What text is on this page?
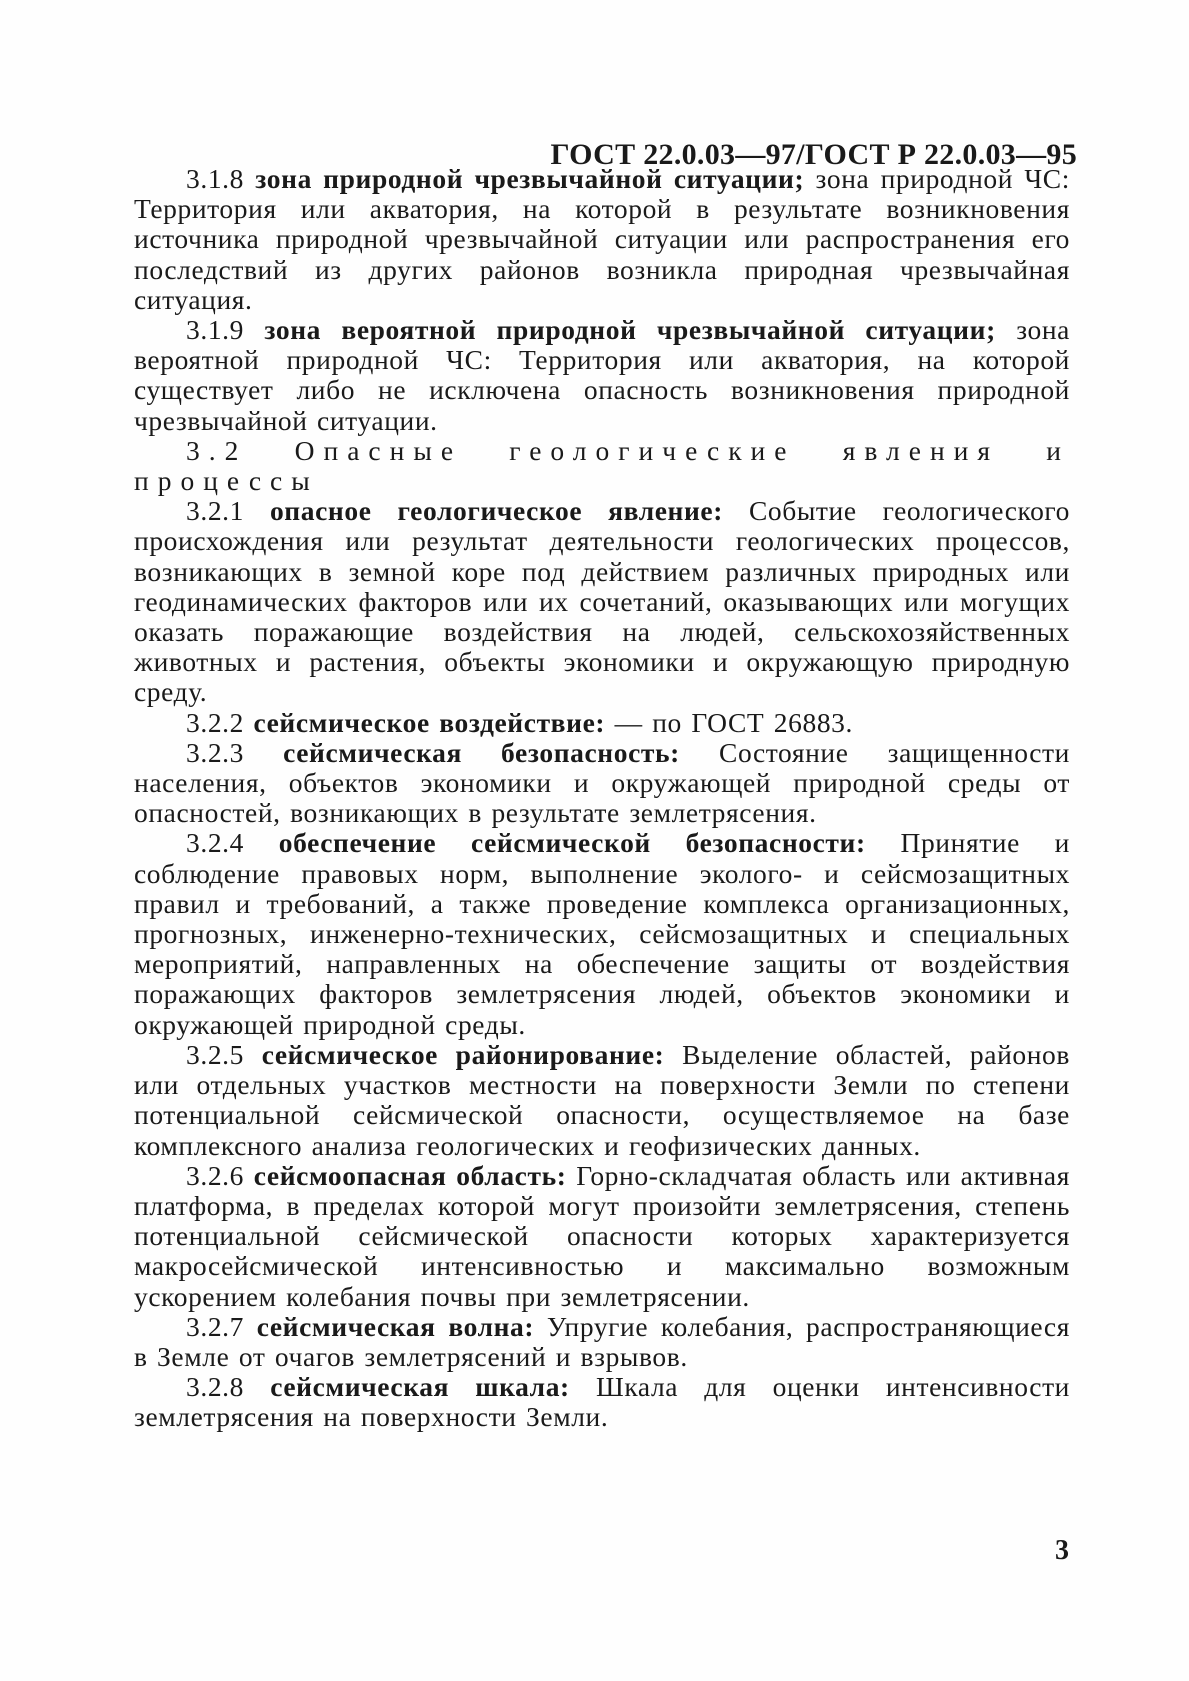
ГОСТ 22.0.03—97/ГОСТ Р 22.0.03—95

3.1.8 зона природной чрезвычайной ситуации; зона природной ЧС: Территория или акватория, на которой в результате возникновения источника природной чрезвычайной ситуации или распространения его последствий из других районов возникла природная чрезвычайная ситуация.

3.1.9 зона вероятной природной чрезвычайной ситуации; зона вероятной природной ЧС: Территория или акватория, на которой существует либо не исключена опасность возникновения природной чрезвычайной ситуации.

3.2 Опасные геологические явления и процессы

3.2.1 опасное геологическое явление: Событие геологического происхождения или результат деятельности геологических процессов, возникающих в земной коре под действием различных природных или геодинамических факторов или их сочетаний, оказывающих или могущих оказать поражающие воздействия на людей, сельскохозяйственных животных и растения, объекты экономики и окружающую природную среду.

3.2.2 сейсмическое воздействие: — по ГОСТ 26883.

3.2.3 сейсмическая безопасность: Состояние защищенности населения, объектов экономики и окружающей природной среды от опасностей, возникающих в результате землетрясения.

3.2.4 обеспечение сейсмической безопасности: Принятие и соблюдение правовых норм, выполнение эколого- и сейсмозащитных правил и требований, а также проведение комплекса организационных, прогнозных, инженерно-технических, сейсмозащитных и специальных мероприятий, направленных на обеспечение защиты от воздействия поражающих факторов землетрясения людей, объектов экономики и окружающей природной среды.

3.2.5 сейсмическое районирование: Выделение областей, районов или отдельных участков местности на поверхности Земли по степени потенциальной сейсмической опасности, осуществляемое на базе комплексного анализа геологических и геофизических данных.

3.2.6 сейсмоопасная область: Горно-складчатая область или активная платформа, в пределах которой могут произойти землетрясения, степень потенциальной сейсмической опасности которых характеризуется макросейсмической интенсивностью и максимально возможным ускорением колебания почвы при землетрясении.

3.2.7 сейсмическая волна: Упругие колебания, распространяющиеся в Земле от очагов землетрясений и взрывов.

3.2.8 сейсмическая шкала: Шкала для оценки интенсивности землетрясения на поверхности Земли.

3
